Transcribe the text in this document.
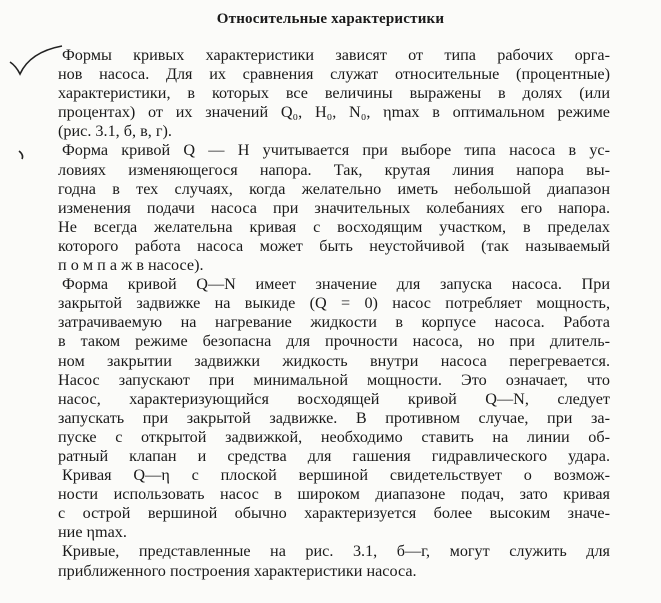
Относительные характеристики
Формы кривых характеристики зависят от типа рабочих орга-
нов насоса. Для их сравнения служат относительные (процентные)
характеристики, в которых все величины выражены в долях (или
процентах) от их значений Q₀, H₀, N₀, ηmax в оптимальном режиме
(рис. 3.1, б, в, г).
Форма кривой Q — H учитывается при выборе типа насоса в ус-
ловиях изменяющегося напора. Так, крутая линия напора вы-
годна в тех случаях, когда желательно иметь небольшой диапазон
изменения подачи насоса при значительных колебаниях его напора.
Не всегда желательна кривая с восходящим участком, в пределах
которого работа насоса может быть неустойчивой (так называемый
п о м п а ж в насосе).
Форма кривой Q—N имеет значение для запуска насоса. При
закрытой задвижке на выкиде (Q = 0) насос потребляет мощность,
затрачиваемую на нагревание жидкости в корпусе насоса. Работа
в таком режиме безопасна для прочности насоса, но при длитель-
ном закрытии задвижки жидкость внутри насоса перегревается.
Насос запускают при минимальной мощности. Это означает, что
насос, характеризующийся восходящей кривой Q—N, следует
запускать при закрытой задвижке. В противном случае, при за-
пуске с открытой задвижкой, необходимо ставить на линии об-
ратный клапан и средства для гашения гидравлического удара.
Кривая Q—η с плоской вершиной свидетельствует о возмож-
ности использовать насос в широком диапазоне подач, зато кривая
с острой вершиной обычно характеризуется более высоким значе-
ние ηmax.
Кривые, представленные на рис. 3.1, б—г, могут служить для
приближенного построения характеристики насоса.
